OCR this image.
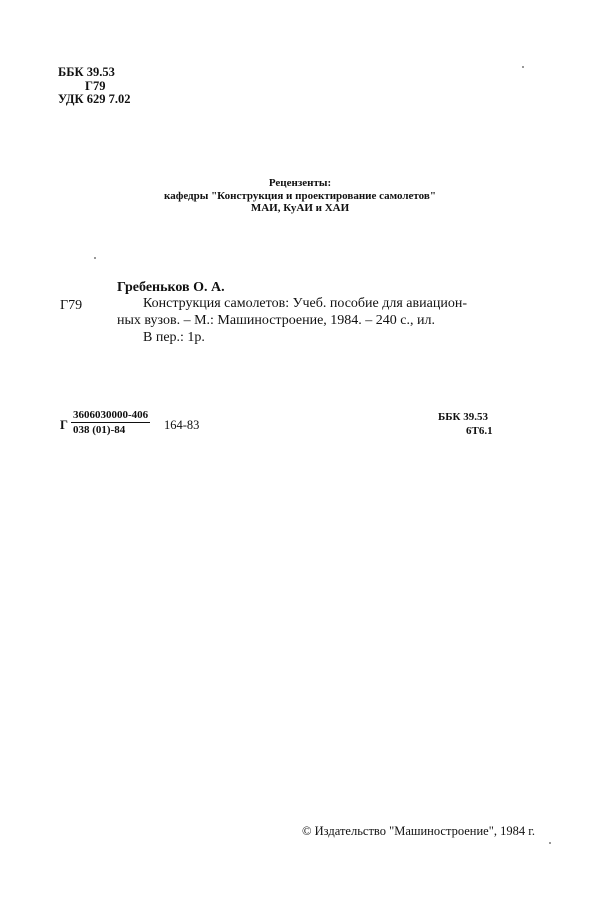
ББК 39.53
Г79
УДК 629 7.02
Рецензенты:
кафедры "Конструкция и проектирование самолетов"
МАИ, КуАИ и ХАИ
Гребеньков О. А.
Г79	Конструкция самолетов: Учеб. пособие для авиацион-
ных вузов. – М.: Машиностроение, 1984. – 240 с., ил.
В пер.: 1р.
Г $\frac{3606030000-406}{038 (01)-84} 164-83$
ББК 39.53
6Т6.1
© Издательство "Машиностроение", 1984 г.
